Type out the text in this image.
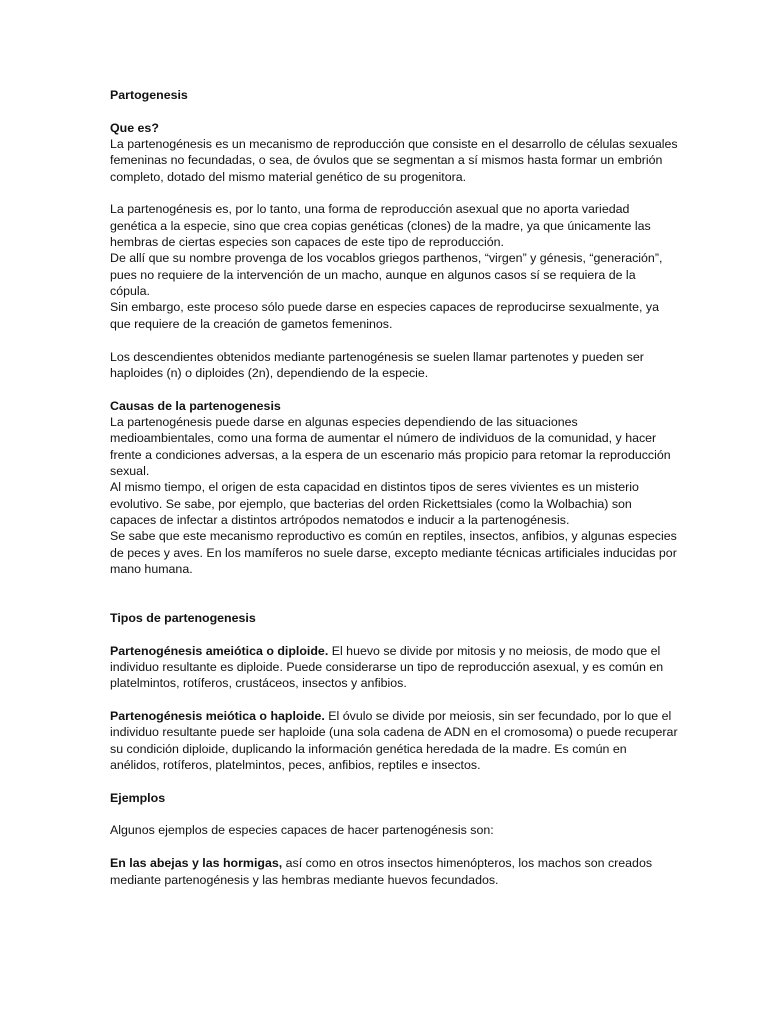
Partogenesis

Que es?

La partenogénesis es un mecanismo de reproducción que consiste en el desarrollo de células sexuales femeninas no fecundadas, o sea, de óvulos que se segmentan a sí mismos hasta formar un embrión completo, dotado del mismo material genético de su progenitora.

La partenogénesis es, por lo tanto, una forma de reproducción asexual que no aporta variedad genética a la especie, sino que crea copias genéticas (clones) de la madre, ya que únicamente las hembras de ciertas especies son capaces de este tipo de reproducción.

De allí que su nombre provenga de los vocablos griegos parthenos, “virgen” y génesis, “generación”, pues no requiere de la intervención de un macho, aunque en algunos casos sí se requiera de la cópula.

Sin embargo, este proceso sólo puede darse en especies capaces de reproducirse sexualmente, ya que requiere de la creación de gametos femeninos.

Los descendientes obtenidos mediante partenogénesis se suelen llamar partenotes y pueden ser haploides (n) o diploides (2n), dependiendo de la especie.

Causas de la partenogenesis

La partenogénesis puede darse en algunas especies dependiendo de las situaciones medioambientales, como una forma de aumentar el número de individuos de la comunidad, y hacer frente a condiciones adversas, a la espera de un escenario más propicio para retomar la reproducción sexual.

Al mismo tiempo, el origen de esta capacidad en distintos tipos de seres vivientes es un misterio evolutivo. Se sabe, por ejemplo, que bacterias del orden Rickettsiales (como la Wolbachia) son capaces de infectar a distintos artrópodos nematodos e inducir a la partenogénesis.

Se sabe que este mecanismo reproductivo es común en reptiles, insectos, anfibios, y algunas especies de peces y aves. En los mamíferos no suele darse, excepto mediante técnicas artificiales inducidas por mano humana.

Tipos de partenogenesis

Partenogénesis ameiótica o diploide. El huevo se divide por mitosis y no meiosis, de modo que el individuo resultante es diploide. Puede considerarse un tipo de reproducción asexual, y es común en platelmintos, rotíferos, crustáceos, insectos y anfibios.

Partenogénesis meiótica o haploide. El óvulo se divide por meiosis, sin ser fecundado, por lo que el individuo resultante puede ser haploide (una sola cadena de ADN en el cromosoma) o puede recuperar su condición diploide, duplicando la información genética heredada de la madre. Es común en anélidos, rotíferos, platelmintos, peces, anfibios, reptiles e insectos.

Ejemplos

Algunos ejemplos de especies capaces de hacer partenogénesis son:

En las abejas y las hormigas, así como en otros insectos himenópteros, los machos son creados mediante partenogénesis y las hembras mediante huevos fecundados.
